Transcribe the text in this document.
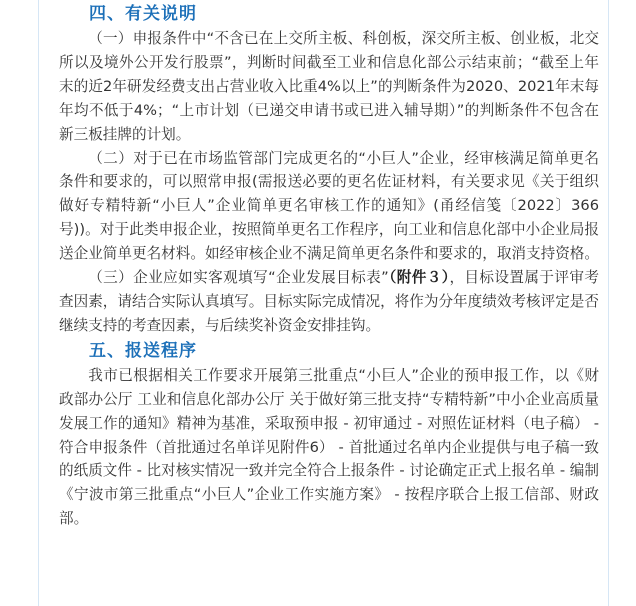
四、有关说明

（一）申报条件中“不含已在上交所主板、科创板，深交所主板、创业板，北交所以及境外公开发行股票”，判断时间截至工业和信息化部公示结束前；“截至上年末的近2年研发经费支出占营业收入比重4%以上”的判断条件为2020、2021年末每年均不低于4%；“上市计划（已递交申请书或已进入辅导期）”的判断条件不包含在新三板挂牌的计划。

（二）对于已在市场监管部门完成更名的“小巨人”企业，经审核满足简单更名条件和要求的，可以照常申报(需报送必要的更名佐证材料，有关要求见《关于组织做好专精特新“小巨人”企业简单更名审核工作的通知》(甬经信笺〔2022〕366号))。对于此类申报企业，按照简单更名工作程序，向工业和信息化部中小企业局报送企业简单更名材料。如经审核企业不满足简单更名条件和要求的，取消支持资格。

（三）企业应如实客观填写“企业发展目标表”（附件３），目标设置属于评审考查因素，请结合实际认真填写。目标实际完成情况，将作为分年度绩效考核评定是否继续支持的考查因素，与后续奖补资金安排挂钩。

五、报送程序

我市已根据相关工作要求开展第三批重点“小巨人”企业的预申报工作，以《财政部办公厅 工业和信息化部办公厅 关于做好第三批支持“专精特新”中小企业高质量发展工作的通知》精神为基准，采取预申报 - 初审通过 - 对照佐证材料（电子稿） - 符合申报条件（首批通过名单详见附件6） - 首批通过名单内企业提供与电子稿一致的纸质文件 - 比对核实情况一致并完全符合上报条件 - 讨论确定正式上报名单 - 编制《宁波市第三批重点“小巨人”企业工作实施方案》 - 按程序联合上报工信部、财政部。
